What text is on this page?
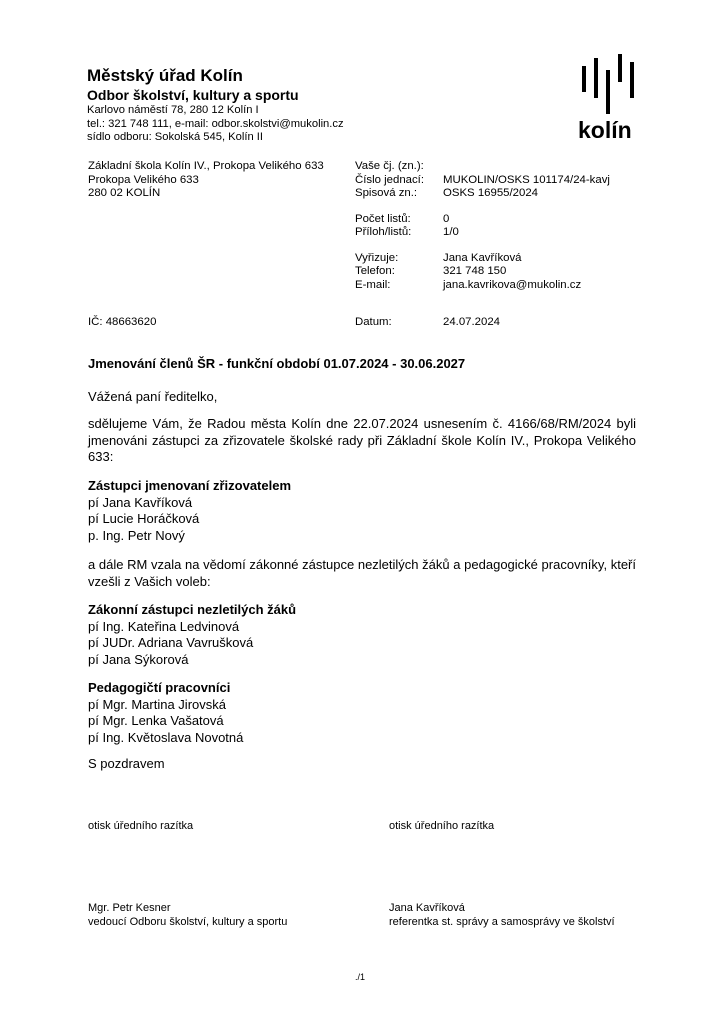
Městský úřad Kolín
Odbor školství, kultury a sportu
Karlovo náměstí 78, 280 12 Kolín I
tel.: 321 748 111, e-mail: odbor.skolstvi@mukolin.cz
sídlo odboru: Sokolská 545, Kolín II	kolín
Základní škola Kolín IV., Prokopa Velikého 633
Prokopa Velikého 633
280 02 KOLÍN
IČ: 48663620
Vaše čj. (zn.):
Číslo jednací:	MUKOLIN/OSKS 101174/24-kavj
Spisová zn.:	OSKS 16955/2024
Počet listů:	0
Příloh/listů:	1/0
Vyřizuje:	Jana Kavříková
Telefon:	321 748 150
E-mail:	jana.kavrikova@mukolin.cz
Datum:	24.07.2024
Jmenování členů ŠR - funkční období 01.07.2024 - 30.06.2027
Vážená paní ředitelko,
sdělujeme Vám, že Radou města Kolín dne 22.07.2024 usnesením č. 4166/68/RM/2024 byli jmenováni zástupci za zřizovatele školské rady při Základní škole Kolín IV., Prokopa Velikého 633:
Zástupci jmenovaní zřizovatelem
pí Jana Kavříková
pí Lucie Horáčková
p. Ing. Petr Nový
a dále RM vzala na vědomí zákonné zástupce nezletilých žáků a pedagogické pracovníky, kteří vzešli z Vašich voleb:
Zákonní zástupci nezletilých žáků
pí Ing. Kateřina Ledvinová
pí JUDr. Adriana Vavrušková
pí Jana Sýkorová
Pedagogičtí pracovníci
pí Mgr. Martina Jirovská
pí Mgr. Lenka Vašatová
pí Ing. Květoslava Novotná
S pozdravem
otisk úředního razítka	otisk úředního razítka
Mgr. Petr Kesner
vedoucí Odboru školství, kultury a sportu
Jana Kavříková
referentka st. správy a samosprávy ve školství
./1
